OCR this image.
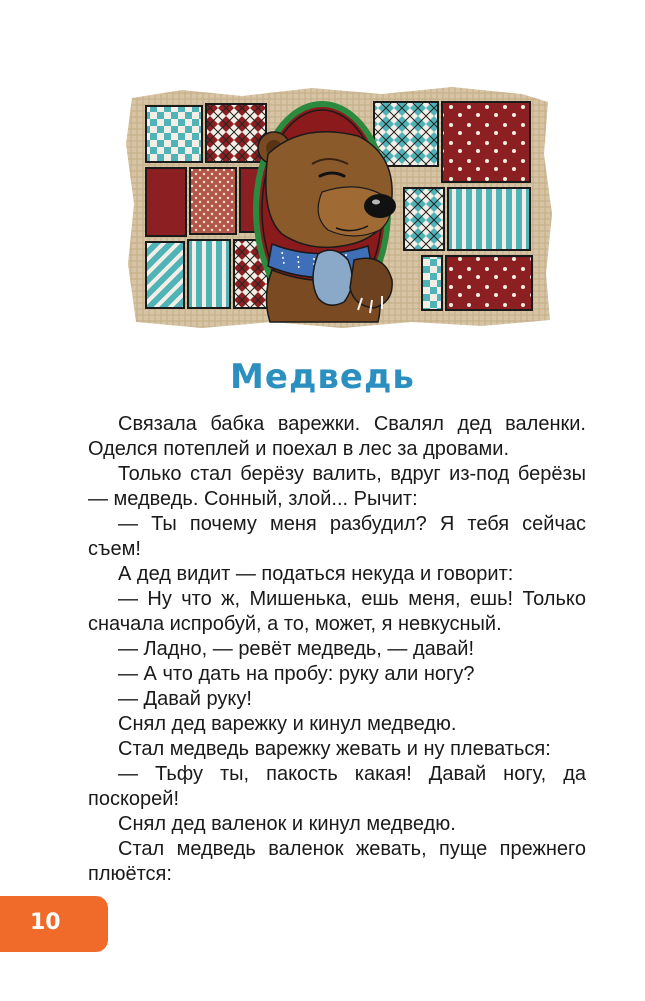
Медведь

Связала бабка варежки. Свалял дед валенки. Оделся потеплей и поехал в лес за дровами.

Только стал берёзу валить, вдруг из-под берёзы — медведь. Сонный, злой... Рычит:

— Ты почему меня разбудил? Я тебя сейчас съем!

А дед видит — податься некуда и говорит:

— Ну что ж, Мишенька, ешь меня, ешь! Только сначала испробуй, а то, может, я невкусный.

— Ладно, — ревёт медведь, — давай!

— А что дать на пробу: руку али ногу?

— Давай руку!

Снял дед варежку и кинул медведю.

Стал медведь варежку жевать и ну плеваться:

— Тьфу ты, пакость какая! Давай ногу, да поскорей!

Снял дед валенок и кинул медведю.

Стал медведь валенок жевать, пуще прежнего плюётся:

10
